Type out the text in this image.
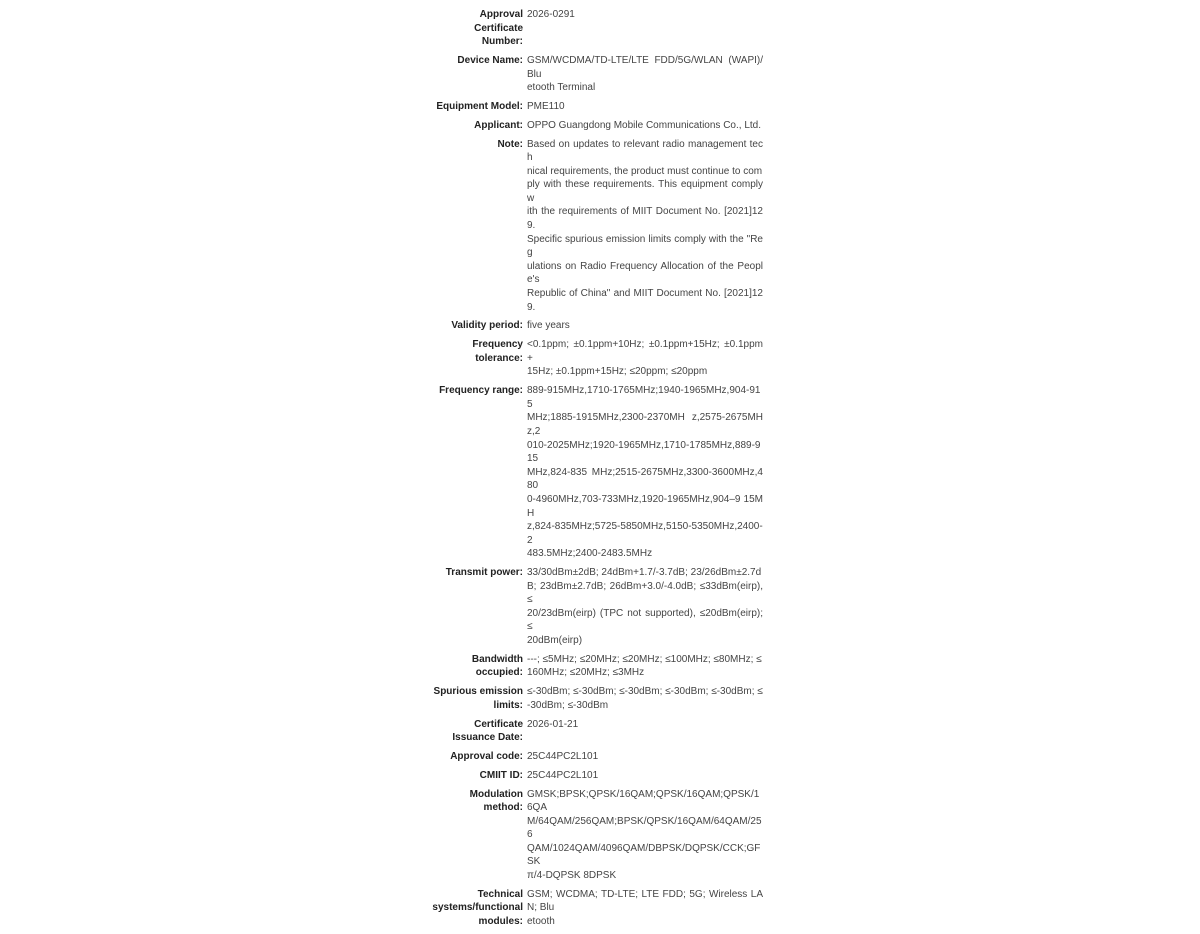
Approval Certificate Number:
2026-0291
Device Name: GSM/WCDMA/TD-LTE/LTE FDD/5G/WLAN (WAPI)/Blu
etooth Terminal
Equipment Model: PME110
Applicant: OPPO Guangdong Mobile Communications Co., Ltd.
Note: Based on updates to relevant radio management tech
nical requirements, the product must continue to com
ply with these requirements. This equipment comply w
ith the requirements of MIIT Document No. [2021]129.
Specific spurious emission limits comply with the "Reg
ulations on Radio Frequency Allocation of the People's
Republic of China" and MIIT Document No. [2021]129.
Validity period: five years
Frequency tolerance:
<0.1ppm; ±0.1ppm+10Hz; ±0.1ppm+15Hz; ±0.1ppm+
15Hz; ±0.1ppm+15Hz; ≤20ppm; ≤20ppm
Frequency range: 889-915MHz,1710-1765MHz;1940-1965MHz,904-915
MHz;1885-1915MHz,2300-2370MH z,2575-2675MHz,2
010-2025MHz;1920-1965MHz,1710-1785MHz,889-915
MHz,824-835 MHz;2515-2675MHz,3300-3600MHz,480
0-4960MHz,703-733MHz,1920-1965MHz,904–9 15MH
z,824-835MHz;5725-5850MHz,5150-5350MHz,2400-2
483.5MHz;2400-2483.5MHz
Transmit power: 33/30dBm±2dB; 24dBm+1.7/-3.7dB; 23/26dBm±2.7d
B; 23dBm±2.7dB; 26dBm+3.0/-4.0dB; ≤33dBm(eirp), ≤
20/23dBm(eirp) (TPC not supported), ≤20dBm(eirp); ≤
20dBm(eirp)
Bandwidth occupied:
---; ≤5MHz; ≤20MHz; ≤20MHz; ≤100MHz; ≤80MHz; ≤
160MHz; ≤20MHz; ≤3MHz
Spurious emission limits:
≤-30dBm; ≤-30dBm; ≤-30dBm; ≤-30dBm; ≤-30dBm; ≤
-30dBm; ≤-30dBm
Certificate Issuance Date:
2026-01-21
Approval code: 25C44PC2L101
CMIIT ID: 25C44PC2L101
Modulation method:
GMSK;BPSK;QPSK/16QAM;QPSK/16QAM;QPSK/16QA
M/64QAM/256QAM;BPSK/QPSK/16QAM/64QAM/256
QAM/1024QAM/4096QAM/DBPSK/DQPSK/CCK;GFSK
π/4-DQPSK 8DPSK
Technical systems/functional modules:
GSM; WCDMA; TD-LTE; LTE FDD; 5G; Wireless LAN; Blu
etooth
